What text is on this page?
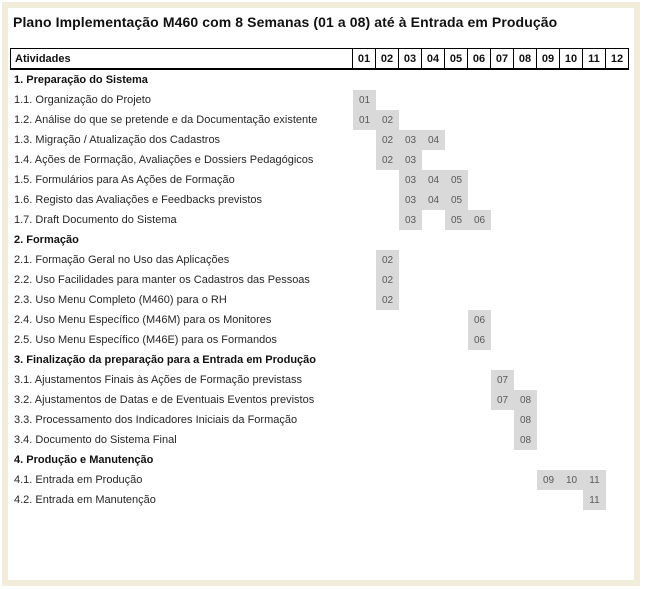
Plano Implementação M460 com 8 Semanas (01 a 08) até à Entrada em Produção
Atividades	01 02 03 04 05 06 07 08 09 10	11	12
1. Preparação do Sistema
1.1. Organização do Projeto	01
1.2. Análise do que se pretende e da Documentação existente	01	02
1.3. Migração / Atualização dos Cadastros	02	03	04
1.4. Ações de Formação, Avaliações e Dossiers Pedagógicos	02	03
1.5. Formulários para As Ações de Formação	03	04	05
1.6. Registo das Avaliações e Feedbacks previstos	03	04	05
1.7. Draft Documento do Sistema	03	05	06
2. Formação
2.1. Formação Geral no Uso das Aplicações	02
2.2. Uso Facilidades para manter os Cadastros das Pessoas	02
2.3. Uso Menu Completo (M460) para o RH	02
2.4. Uso Menu Específico (M46M) para os Monitores	06
2.5. Uso Menu Específico (M46E) para os Formandos	06
3. Finalização da preparação para a Entrada em Produção
3.1. Ajustamentos Finais às Ações de Formação previstass	07
3.2. Ajustamentos de Datas e de Eventuais Eventos previstos	07	08
3.3. Processamento dos Indicadores Iniciais da Formação	08
3.4. Documento do Sistema Final	08
4. Produção e Manutenção
4.1. Entrada em Produção	09	10	11
4.2. Entrada em Manutenção	11
